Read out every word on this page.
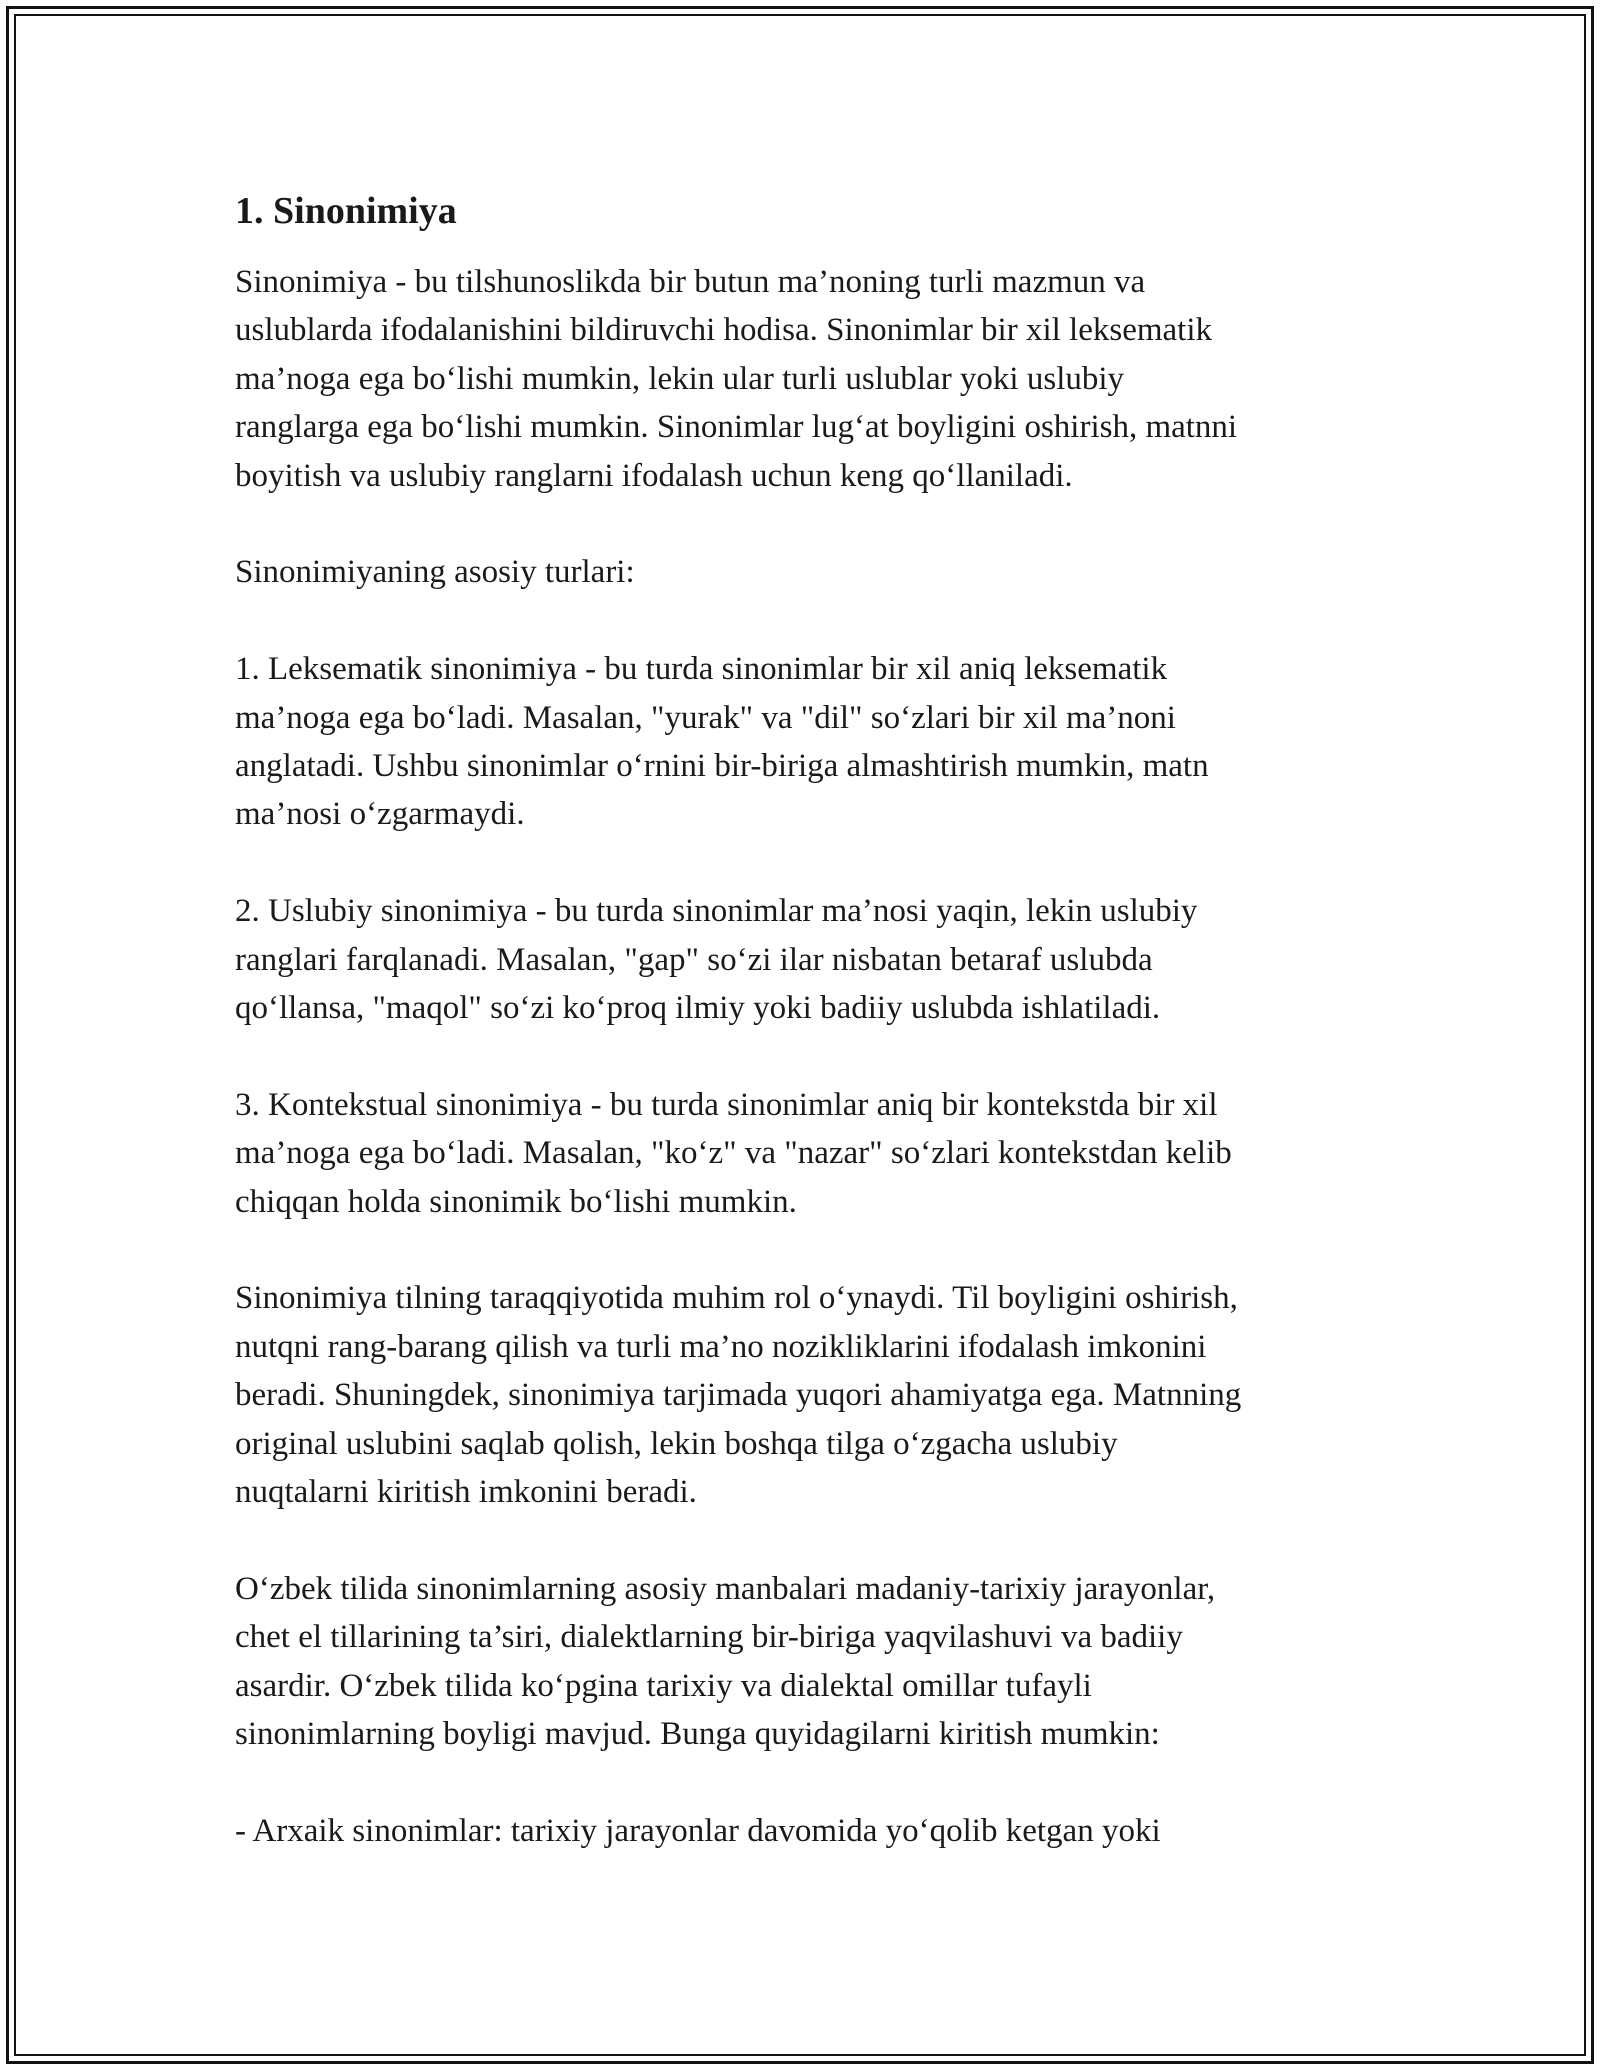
1. Sinonimiya

Sinonimiya - bu tilshunoslikda bir butun ma’noning turli mazmun va
uslublarda ifodalanishini bildiruvchi hodisa. Sinonimlar bir xil leksematik
ma’noga ega bo‘lishi mumkin, lekin ular turli uslublar yoki uslubiy
ranglarga ega bo‘lishi mumkin. Sinonimlar lug‘at boyligini oshirish, matnni
boyitish va uslubiy ranglarni ifodalash uchun keng qo‘llaniladi.

Sinonimiyaning asosiy turlari:

1. Leksematik sinonimiya - bu turda sinonimlar bir xil aniq leksematik
ma’noga ega bo‘ladi. Masalan, "yurak" va "dil" so‘zlari bir xil ma’noni
anglatadi. Ushbu sinonimlar o‘rnini bir-biriga almashtirish mumkin, matn
ma’nosi o‘zgarmaydi.

2. Uslubiy sinonimiya - bu turda sinonimlar ma’nosi yaqin, lekin uslubiy
ranglari farqlanadi. Masalan, "gap" so‘zi ilar nisbatan betaraf uslubda
qo‘llansa, "maqol" so‘zi ko‘proq ilmiy yoki badiiy uslubda ishlatiladi.

3. Kontekstual sinonimiya - bu turda sinonimlar aniq bir kontekstda bir xil
ma’noga ega bo‘ladi. Masalan, "ko‘z" va "nazar" so‘zlari kontekstdan kelib
chiqqan holda sinonimik bo‘lishi mumkin.

Sinonimiya tilning taraqqiyotida muhim rol o‘ynaydi. Til boyligini oshirish,
nutqni rang-barang qilish va turli ma’no nozikliklarini ifodalash imkonini
beradi. Shuningdek, sinonimiya tarjimada yuqori ahamiyatga ega. Matnning
original uslubini saqlab qolish, lekin boshqa tilga o‘zgacha uslubiy
nuqtalarni kiritish imkonini beradi.

O‘zbek tilida sinonimlarning asosiy manbalari madaniy-tarixiy jarayonlar,
chet el tillarining ta’siri, dialektlarning bir-biriga yaqvilashuvi va badiiy
asardir. O‘zbek tilida ko‘pgina tarixiy va dialektal omillar tufayli
sinonimlarning boyligi mavjud. Bunga quyidagilarni kiritish mumkin:

- Arxaik sinonimlar: tarixiy jarayonlar davomida yo‘qolib ketgan yoki
